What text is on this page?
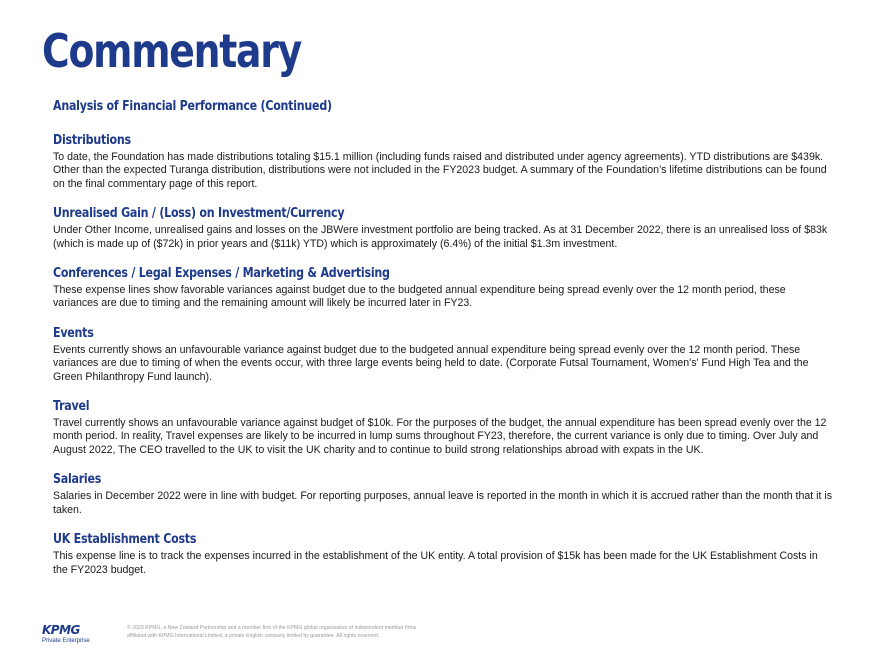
Commentary
Analysis of Financial Performance (Continued)
Distributions

To date, the Foundation has made distributions totaling $15.1 million (including funds raised and distributed under agency agreements). YTD distributions are $439k. Other than the expected Turanga distribution, distributions were not included in the FY2023 budget. A summary of the Foundation’s lifetime distributions can be found on the final commentary page of this report.

Unrealised Gain / (Loss) on Investment/Currency

Under Other Income, unrealised gains and losses on the JBWere investment portfolio are being tracked. As at 31 December 2022, there is an unrealised loss of $83k (which is made up of ($72k) in prior years and ($11k) YTD) which is approximately (6.4%) of the initial $1.3m investment.

Conferences / Legal Expenses / Marketing & Advertising

These expense lines show favorable variances against budget due to the budgeted annual expenditure being spread evenly over the 12 month period, these variances are due to timing and the remaining amount will likely be incurred later in FY23.

Events

Events currently shows an unfavourable variance against budget due to the budgeted annual expenditure being spread evenly over the 12 month period. These variances are due to timing of when the events occur, with three large events being held to date. (Corporate Futsal Tournament, Women's' Fund High Tea and the Green Philanthropy Fund launch).

Travel

Travel currently shows an unfavourable variance against budget of $10k. For the purposes of the budget, the annual expenditure has been spread evenly over the 12 month period. In reality, Travel expenses are likely to be incurred in lump sums throughout FY23, therefore, the current variance is only due to timing. Over July and August 2022, The CEO travelled to the UK to visit the UK charity and to continue to build strong relationships abroad with expats in the UK.

Salaries

Salaries in December 2022 were in line with budget. For reporting purposes, annual leave is reported in the month in which it is accrued rather than the month that it is taken.

UK Establishment Costs

This expense line is to track the expenses incurred in the establishment of the UK entity. A total provision of $15k has been made for the UK Establishment Costs in the FY2023 budget.

KPMG
Private Enterprise
© 2023 KPMG, a New Zealand Partnership and a member firm of the KPMG global organisation of independent member firms
affiliated with KPMG International Limited, a private English company limited by guarantee. All rights reserved.
